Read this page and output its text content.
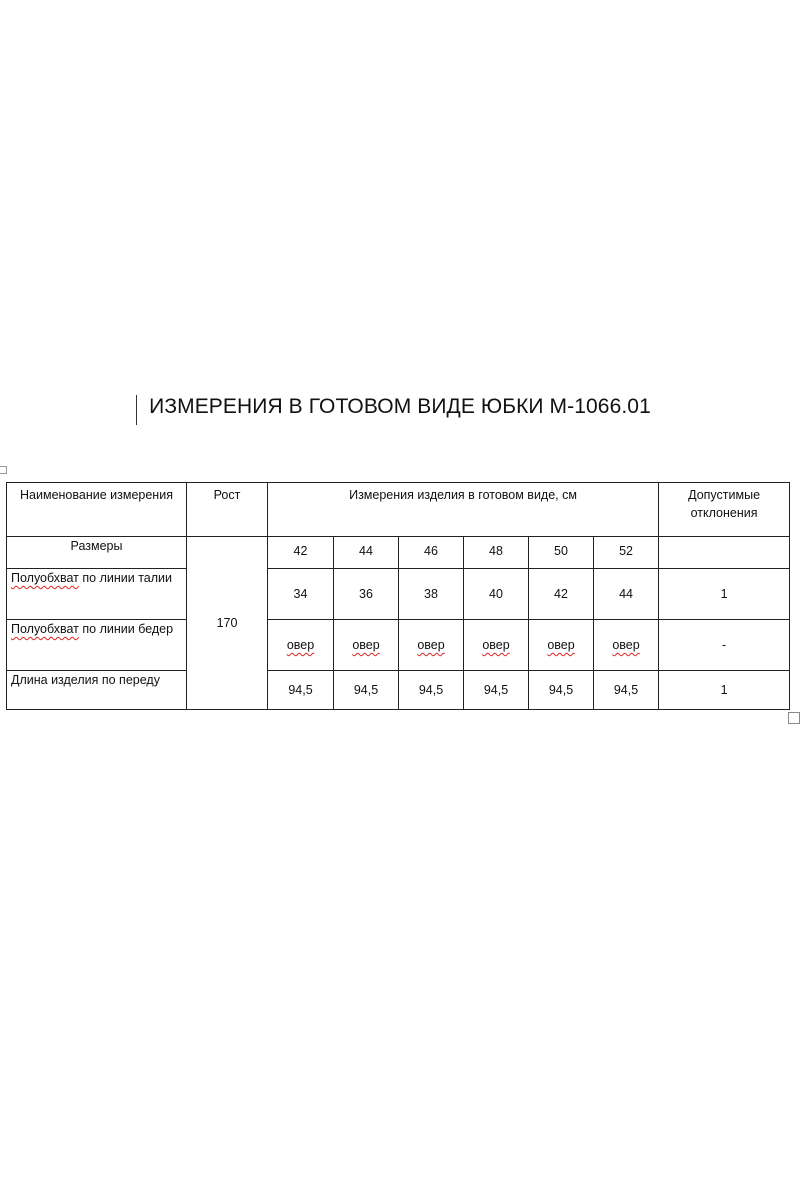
ИЗМЕРЕНИЯ В ГОТОВОМ ВИДЕ ЮБКИ М-1066.01
Наименование измерения	Рост	Измерения изделия в готовом виде, см						Допустимые отклонения
Размеры	170	42	44	46	48	50	52	
Полуобхват по линии талии		34	36	38	40	42	44	1
Полуобхват по линии бедер		овер	овер	овер	овер	овер	овер	-
Длина изделия по переду		94,5	94,5	94,5	94,5	94,5	94,5	1
